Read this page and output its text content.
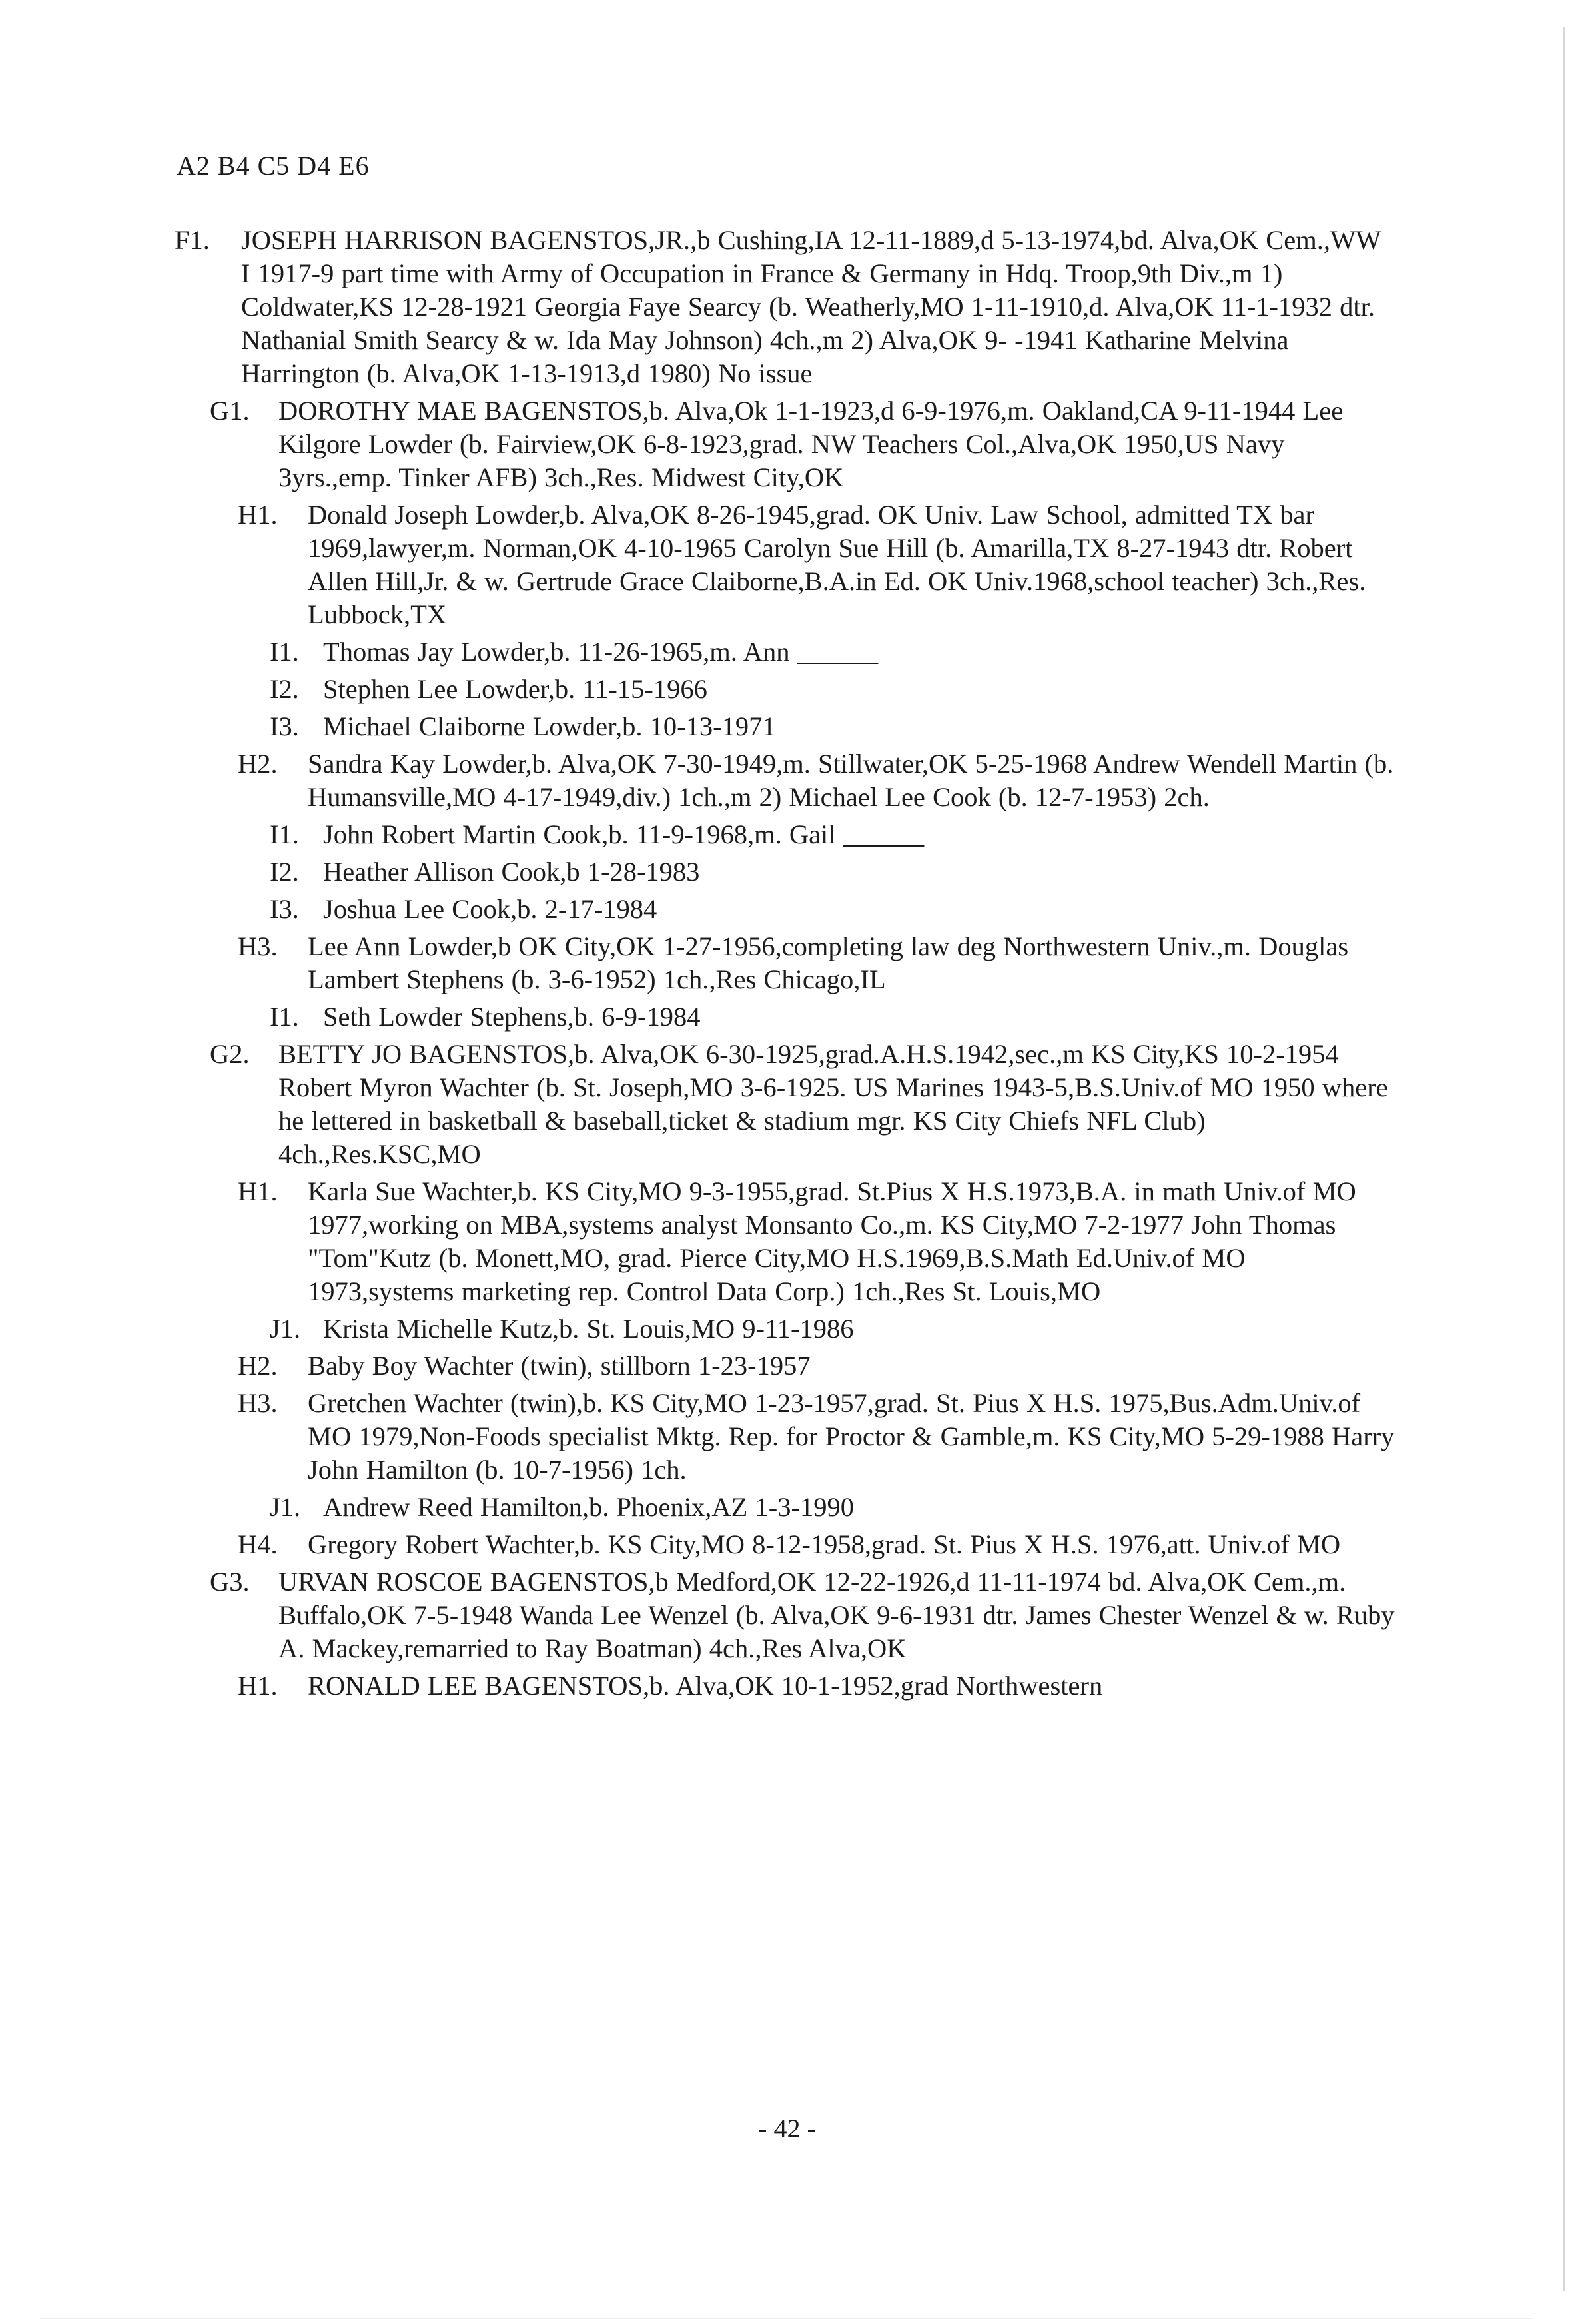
A2 B4 C5 D4 E6
F1. JOSEPH HARRISON BAGENSTOS,JR.,b Cushing,IA 12-11-1889,d 5-13-1974,bd. Alva,OK Cem.,WW I 1917-9 part time with Army of Occupation in France & Germany in Hdq. Troop,9th Div.,m 1) Coldwater,KS 12-28-1921 Georgia Faye Searcy (b. Weatherly,MO 1-11-1910,d. Alva,OK 11-1-1932 dtr. Nathanial Smith Searcy & w. Ida May Johnson) 4ch.,m 2) Alva,OK 9- -1941 Katharine Melvina Harrington (b. Alva,OK 1-13-1913,d 1980) No issue
G1. DOROTHY MAE BAGENSTOS,b. Alva,Ok 1-1-1923,d 6-9-1976,m. Oakland,CA 9-11-1944 Lee Kilgore Lowder (b. Fairview,OK 6-8-1923,grad. NW Teachers Col.,Alva,OK 1950,US Navy 3yrs.,emp. Tinker AFB) 3ch.,Res. Midwest City,OK
H1. Donald Joseph Lowder,b. Alva,OK 8-26-1945,grad. OK Univ. Law School, admitted TX bar 1969,lawyer,m. Norman,OK 4-10-1965 Carolyn Sue Hill (b. Amarilla,TX 8-27-1943 dtr. Robert Allen Hill,Jr. & w. Gertrude Grace Claiborne,B.A.in Ed. OK Univ.1968,school teacher) 3ch.,Res. Lubbock,TX
I1. Thomas Jay Lowder,b. 11-26-1965,m. Ann ______
I2. Stephen Lee Lowder,b. 11-15-1966
I3. Michael Claiborne Lowder,b. 10-13-1971
H2. Sandra Kay Lowder,b. Alva,OK 7-30-1949,m. Stillwater,OK 5-25-1968 Andrew Wendell Martin (b. Humansville,MO 4-17-1949,div.) 1ch.,m 2) Michael Lee Cook (b. 12-7-1953) 2ch.
I1. John Robert Martin Cook,b. 11-9-1968,m. Gail ______
I2. Heather Allison Cook,b 1-28-1983
I3. Joshua Lee Cook,b. 2-17-1984
H3. Lee Ann Lowder,b OK City,OK 1-27-1956,completing law deg Northwestern Univ.,m. Douglas Lambert Stephens (b. 3-6-1952) 1ch.,Res Chicago,IL
I1. Seth Lowder Stephens,b. 6-9-1984
G2. BETTY JO BAGENSTOS,b. Alva,OK 6-30-1925,grad.A.H.S.1942,sec.,m KS City,KS 10-2-1954 Robert Myron Wachter (b. St. Joseph,MO 3-6-1925. US Marines 1943-5,B.S.Univ.of MO 1950 where he lettered in basketball & baseball,ticket & stadium mgr. KS City Chiefs NFL Club) 4ch.,Res.KSC,MO
H1. Karla Sue Wachter,b. KS City,MO 9-3-1955,grad. St.Pius X H.S.1973,B.A. in math Univ.of MO 1977,working on MBA,systems analyst Monsanto Co.,m. KS City,MO 7-2-1977 John Thomas "Tom"Kutz (b. Monett,MO, grad. Pierce City,MO H.S.1969,B.S.Math Ed.Univ.of MO 1973,systems marketing rep. Control Data Corp.) 1ch.,Res St. Louis,MO
J1. Krista Michelle Kutz,b. St. Louis,MO 9-11-1986
H2. Baby Boy Wachter (twin), stillborn 1-23-1957
H3. Gretchen Wachter (twin),b. KS City,MO 1-23-1957,grad. St. Pius X H.S. 1975,Bus.Adm.Univ.of MO 1979,Non-Foods specialist Mktg. Rep. for Proctor & Gamble,m. KS City,MO 5-29-1988 Harry John Hamilton (b. 10-7-1956) 1ch.
J1. Andrew Reed Hamilton,b. Phoenix,AZ 1-3-1990
H4. Gregory Robert Wachter,b. KS City,MO 8-12-1958,grad. St. Pius X H.S. 1976,att. Univ.of MO
G3. URVAN ROSCOE BAGENSTOS,b Medford,OK 12-22-1926,d 11-11-1974 bd. Alva,OK Cem.,m. Buffalo,OK 7-5-1948 Wanda Lee Wenzel (b. Alva,OK 9-6-1931 dtr. James Chester Wenzel & w. Ruby A. Mackey,remarried to Ray Boatman) 4ch.,Res Alva,OK
H1. RONALD LEE BAGENSTOS,b. Alva,OK 10-1-1952,grad Northwestern
- 42 -
